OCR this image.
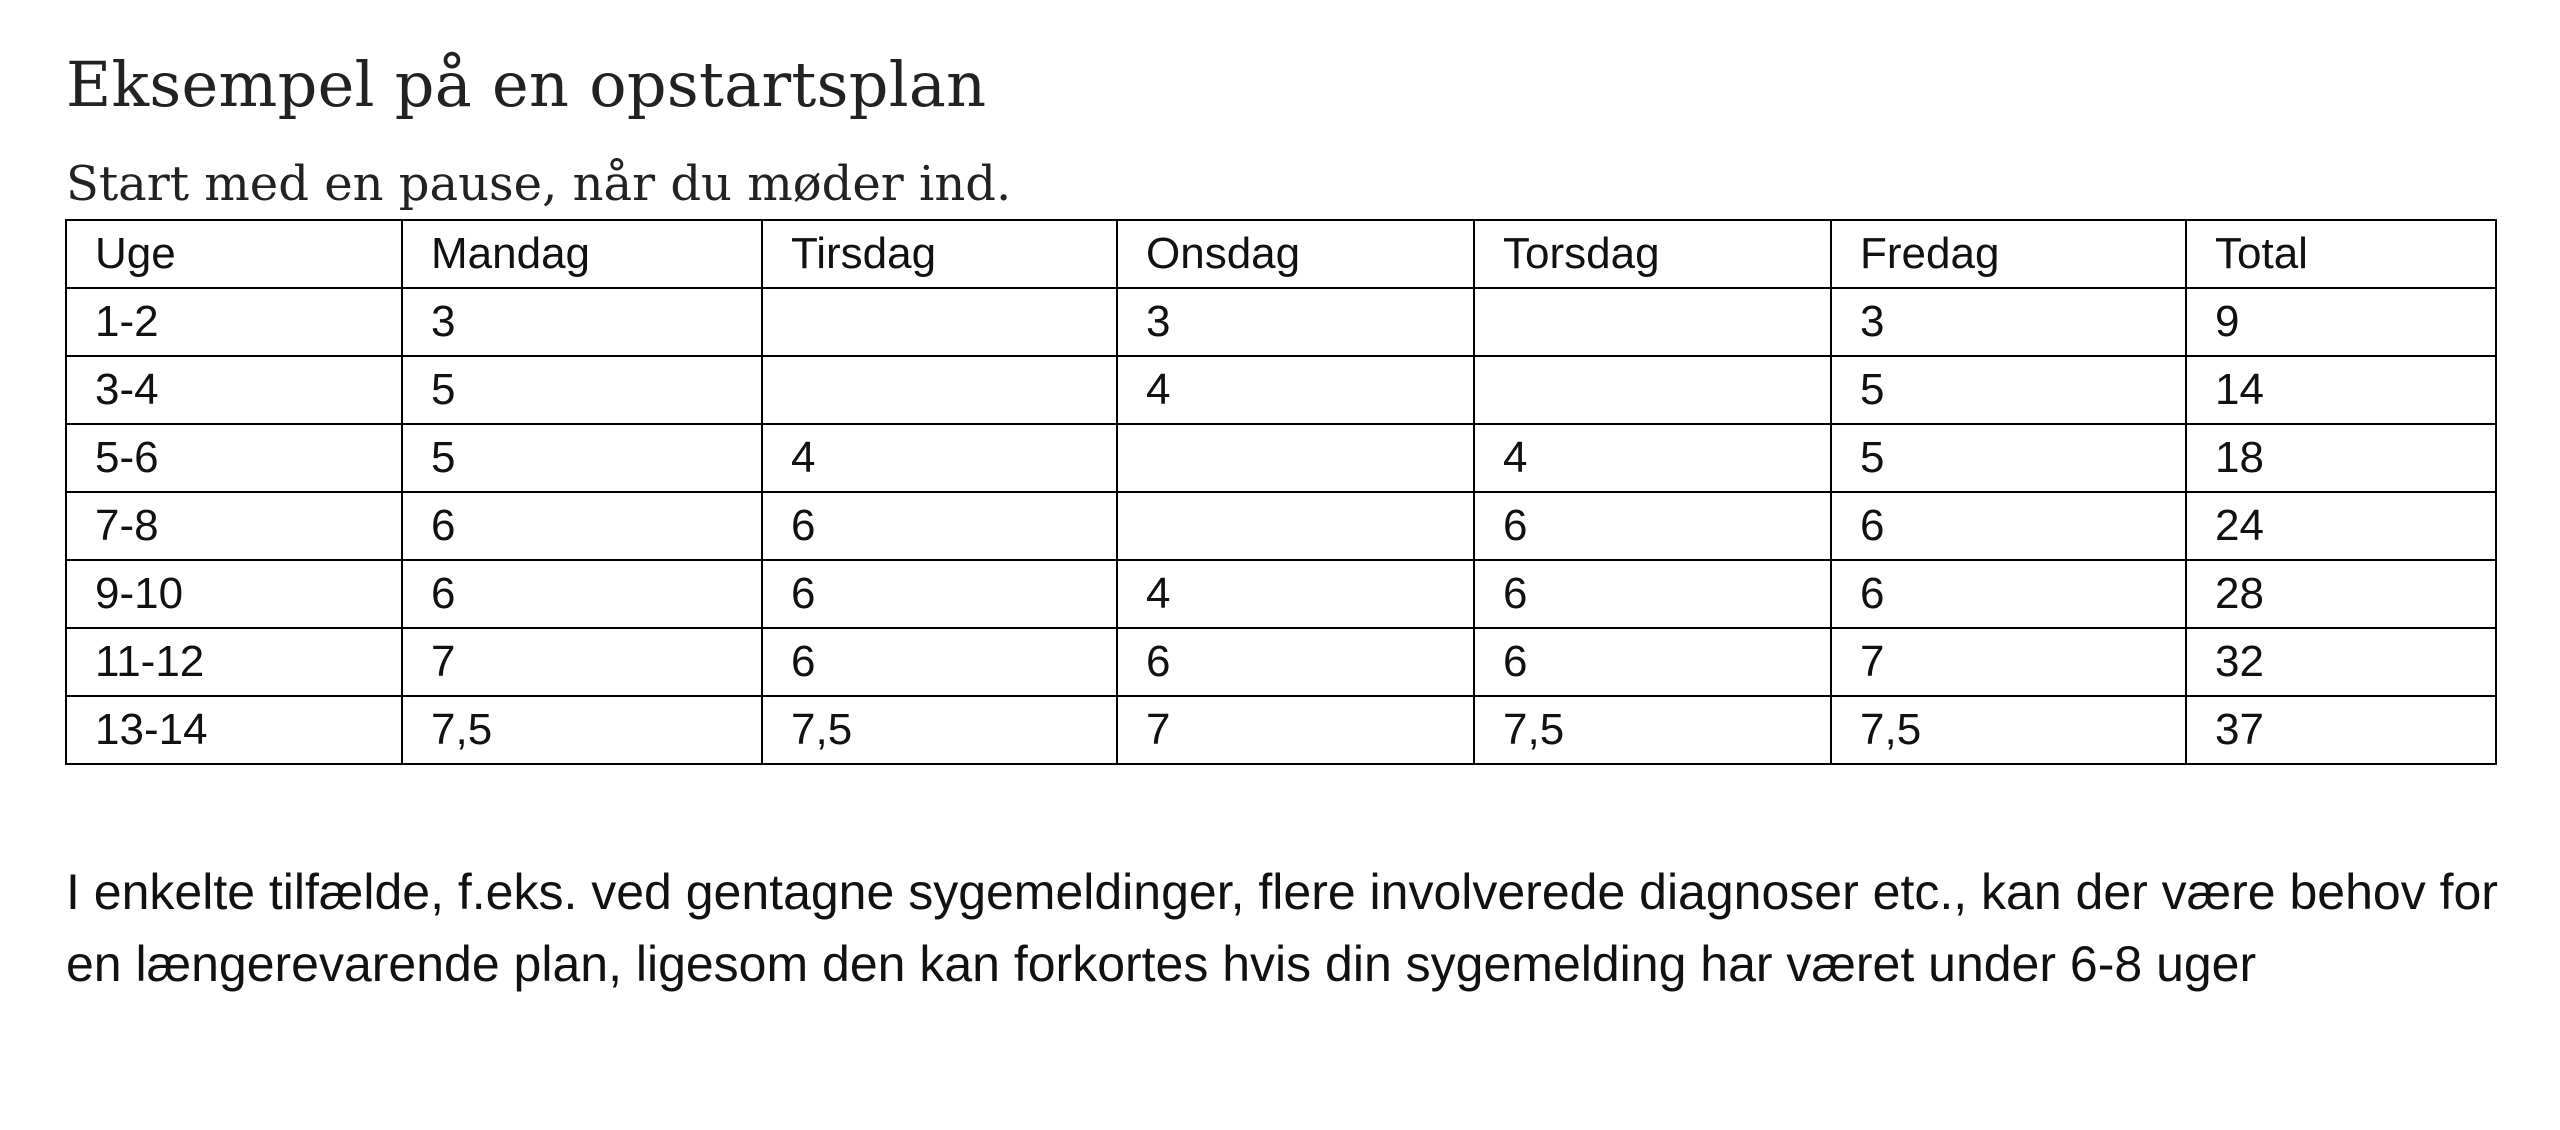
Eksempel på en opstartsplan

Start med en pause, når du møder ind.

Uge	Mandag	Tirsdag	Onsdag	Torsdag	Fredag	Total
1-2	3		3		3	9
3-4	5		4		5	14
5-6	5	4		4	5	18
7-8	6	6		6	6	24
9-10	6	6	4	6	6	28
11-12	7	6	6	6	7	32
13-14	7,5	7,5	7	7,5	7,5	37

I enkelte tilfælde, f.eks. ved gentagne sygemeldinger, flere involverede diagnoser etc., kan der være behov for en længerevarende plan, ligesom den kan forkortes hvis din sygemelding har været under 6-8 uger
